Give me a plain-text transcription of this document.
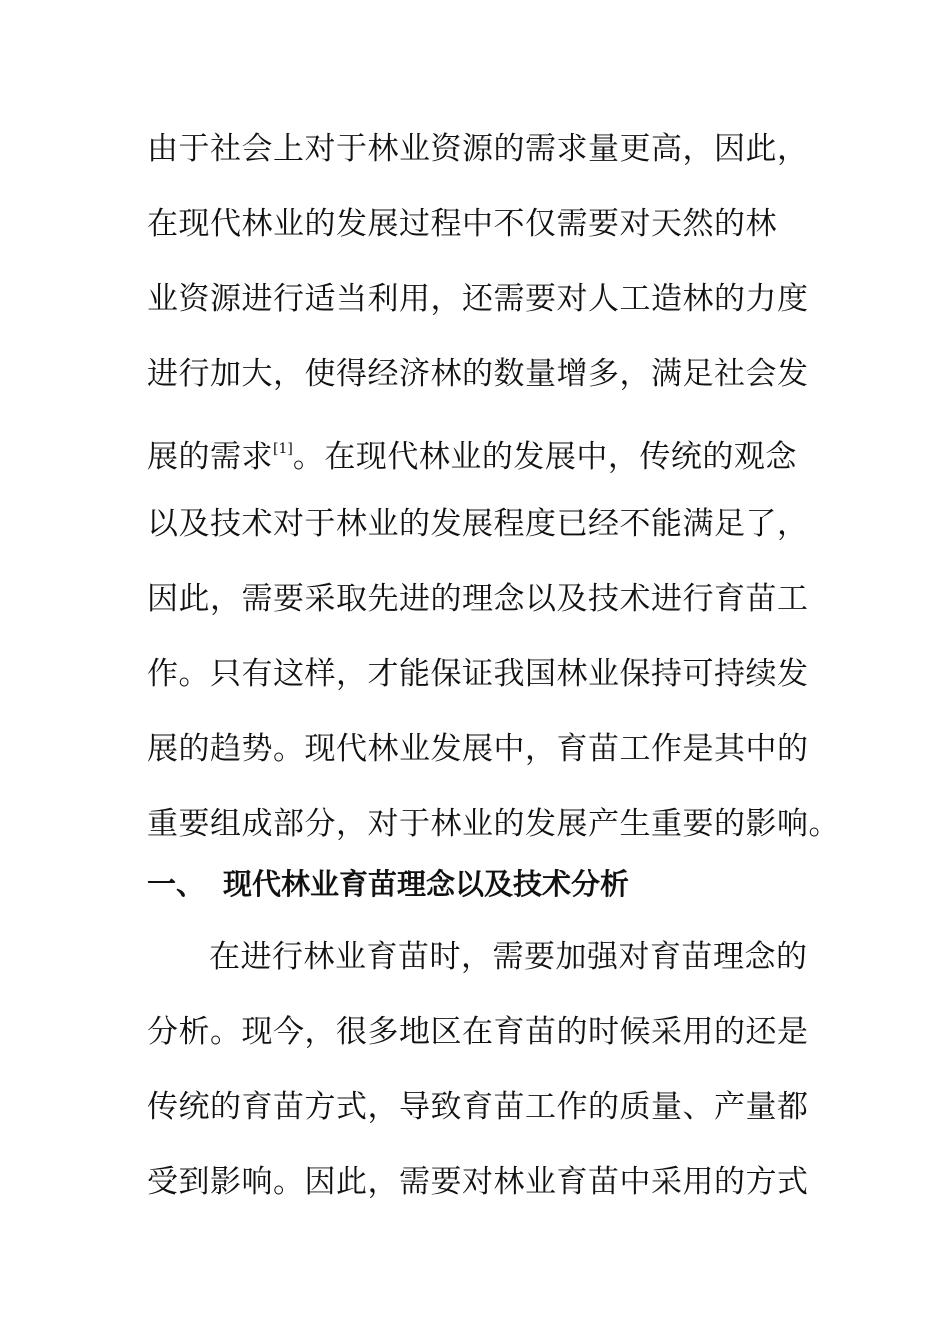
由于社会上对于林业资源的需求量更高，因此，
在现代林业的发展过程中不仅需要对天然的林
业资源进行适当利用，还需要对人工造林的力度
进行加大，使得经济林的数量增多，满足社会发
展的需求[1]。在现代林业的发展中，传统的观念
以及技术对于林业的发展程度已经不能满足了，
因此，需要采取先进的理念以及技术进行育苗工
作。只有这样，才能保证我国林业保持可持续发
展的趋势。现代林业发展中，育苗工作是其中的
重要组成部分，对于林业的发展产生重要的影响。
一、 现代林业育苗理念以及技术分析
在进行林业育苗时，需要加强对育苗理念的
分析。现今，很多地区在育苗的时候采用的还是
传统的育苗方式，导致育苗工作的质量、产量都
受到影响。因此，需要对林业育苗中采用的方式
